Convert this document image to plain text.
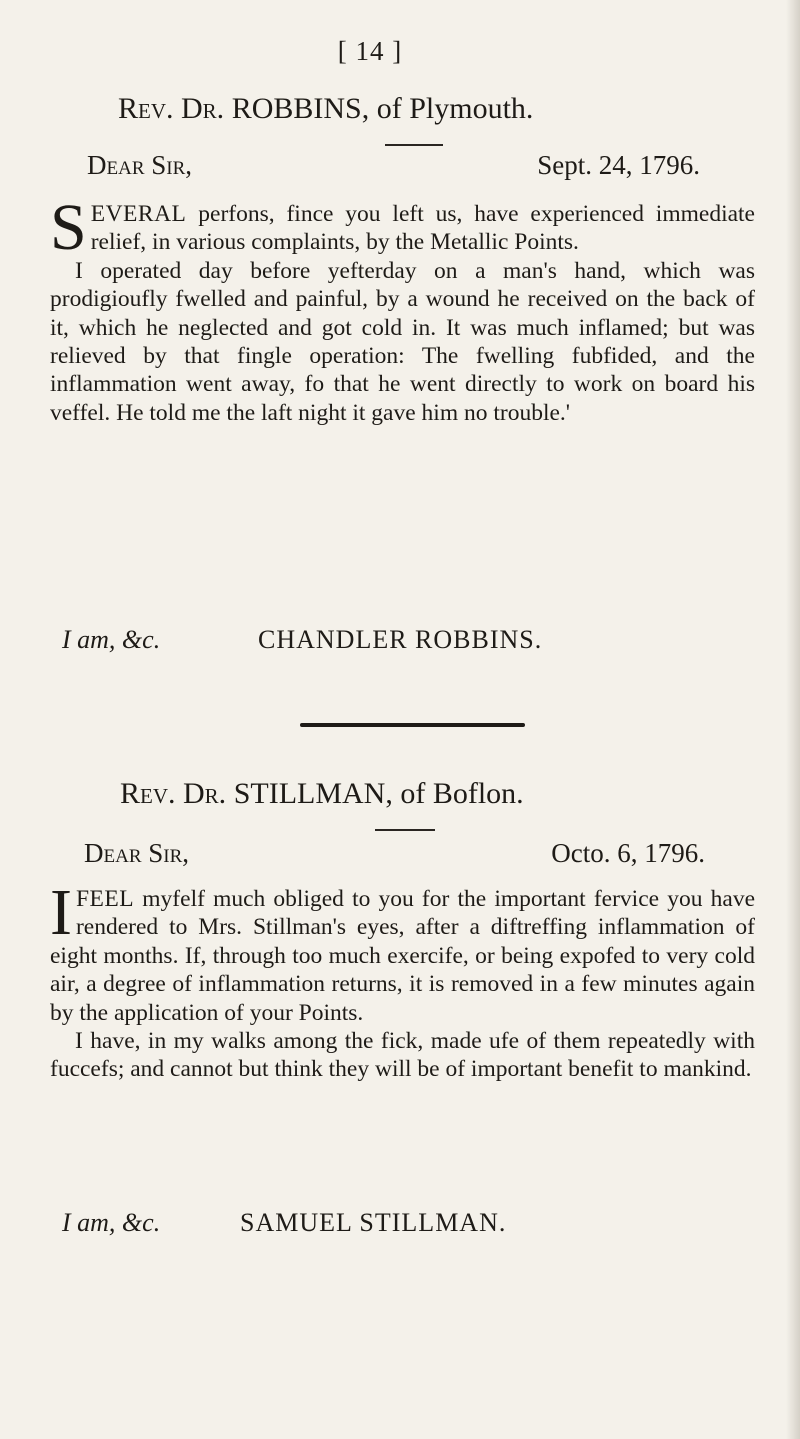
[ 14 ]
Rev. Dr. ROBBINS, of Plymouth.
Dear Sir,	Sept. 24, 1796.

SEVERAL perfons, fince you left us, have experienced immediate relief, in various complaints, by the Metallic Points.

I operated day before yefterday on a man's hand, which was prodigioufly fwelled and painful, by a wound he received on the back of it, which he neglected and got cold in. It was much inflamed; but was relieved by that fingle operation: The fwelling fubfided, and the inflammation went away, fo that he went directly to work on board his veffel. He told me the laft night it gave him no trouble.'

I am, &c.	CHANDLER ROBBINS.
Rev. Dr. STILLMAN, of Boflon.
Dear Sir,	Octo. 6, 1796.

IFEEL myfelf much obliged to you for the important fervice you have rendered to Mrs. Stillman's eyes, after a diftreffing inflammation of eight months. If, through too much exercife, or being expofed to very cold air, a degree of inflammation returns, it is removed in a few minutes again by the application of your Points.

I have, in my walks among the fick, made ufe of them repeatedly with fuccefs; and cannot but think they will be of important benefit to mankind.

I am, &c.	SAMUEL STILLMAN.
